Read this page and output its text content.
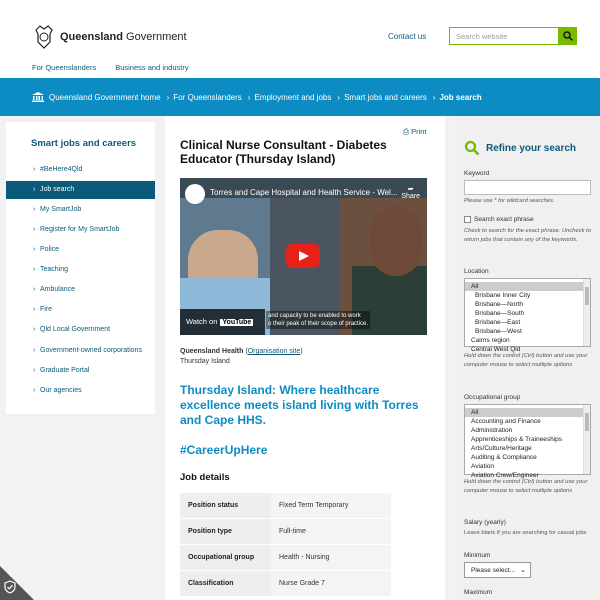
Queensland Government	Contact us	Search website
For Queenslanders	Business and industry
Queensland Government home › For Queenslanders › Employment and jobs › Smart jobs and careers › Job search
Smart jobs and careers
› #BeHere4Qld
› Job search
› My SmartJob
› Register for My SmartJob
› Police
› Teaching
› Ambulance
› Fire
› Qld Local Government
› Government-owned corporations
› Graduate Portal
› Our agencies
⎙ Print
Clinical Nurse Consultant - Diabetes Educator (Thursday Island)
Torres and Cape Hospital and Health Service - Wel...	➦
Share
Watch on YouTube
and capacity to be enabled to work
o their peak of their scope of practice.
Queensland Health (Organisation site)
Thursday Island
Thursday Island: Where healthcare excellence meets island living with Torres and Cape HHS.
#CareerUpHere
Job details
Position status	Fixed Term Temporary
Position type	Full-time
Occupational group	Health - Nursing
Classification	Nurse Grade 7
Refine your search
Keyword
Please use * for wildcard searches.
Search exact phrase
Check to search for the exact phrase. Uncheck to return jobs that contain any of the keywords.
Location
All
Brisbane Inner City
Brisbane—North
Brisbane—South
Brisbane—East
Brisbane—West
Cairns region
Central West Qld
Hold down the control (Ctrl) button and use your computer mouse to select multiple options
Occupational group
All
Accounting and Finance
Administration
Apprenticeships & Traineeships
Arts/Culture/Heritage
Auditing & Compliance
Aviation
Aviation Crew/Engineer
Hold down the control (Ctrl) button and use your computer mouse to select multiple options
Salary (yearly)
Leave blank if you are searching for casual jobs
Minimum
Please select... ⌄
Maximum
